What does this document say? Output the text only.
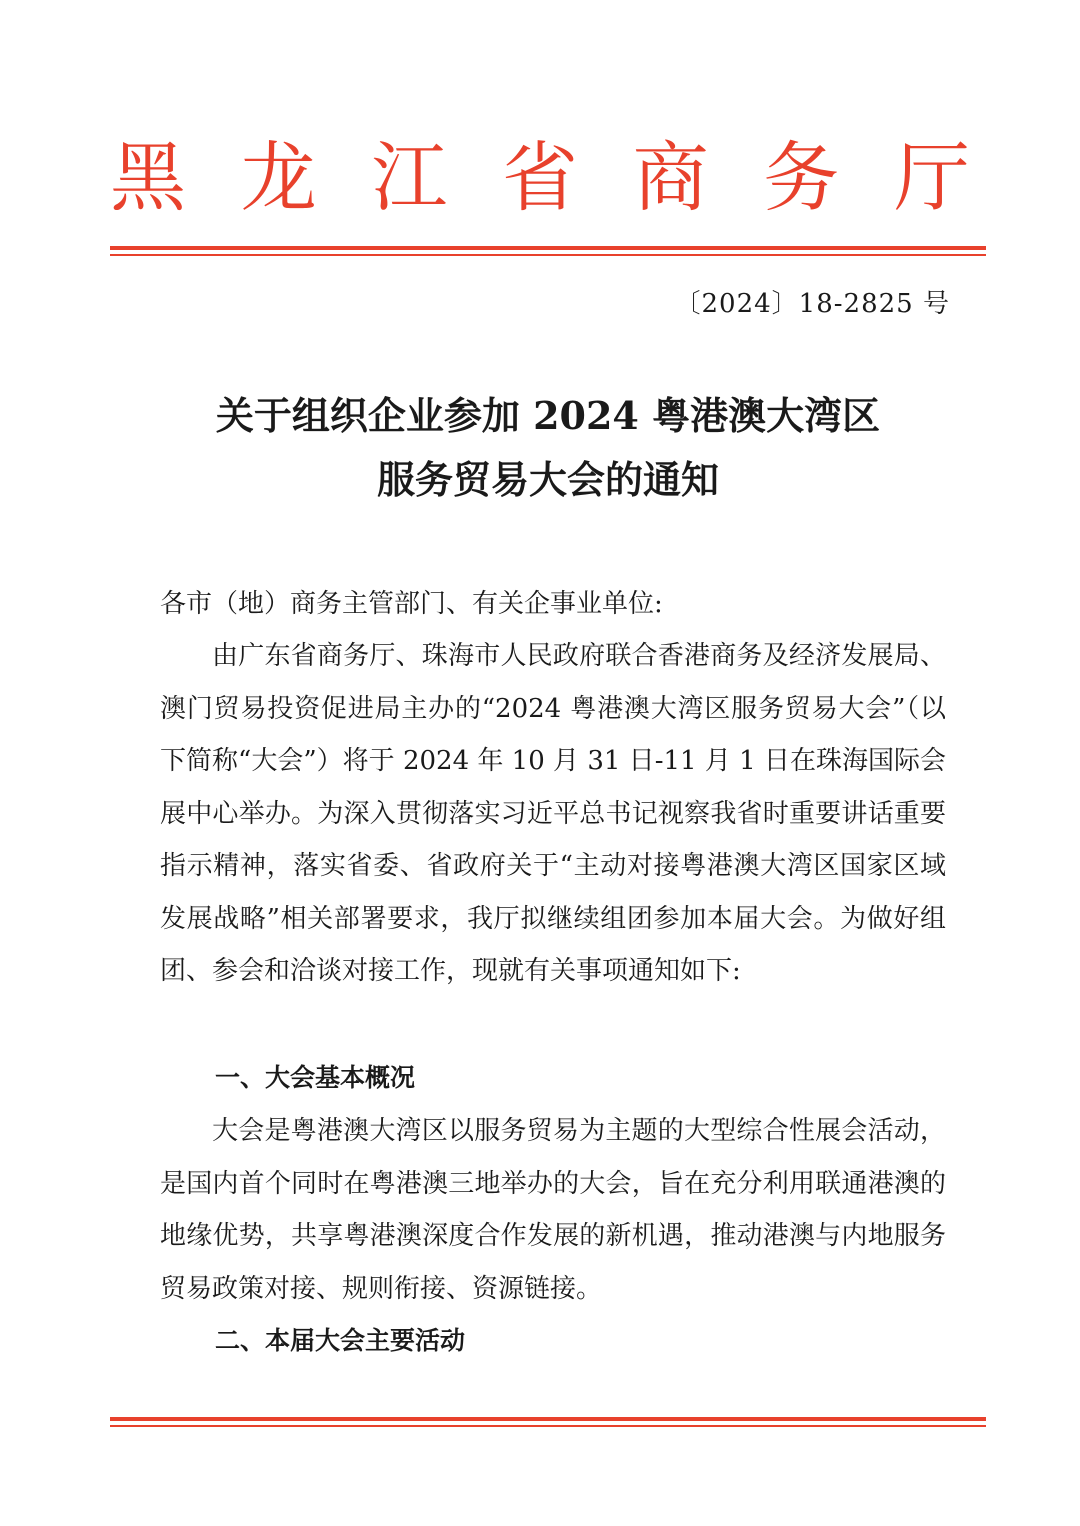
黑 龙 江 省 商 务 厅
〔2024〕18-2825 号
关于组织企业参加 2024 粤港澳大湾区
服务贸易大会的通知
各市（地）商务主管部门、有关企事业单位:
由广东省商务厅、珠海市人民政府联合香港商务及经济发展局、澳门贸易投资促进局主办的“2024 粤港澳大湾区服务贸易大会”（以下简称“大会”）将于 2024 年 10 月 31 日-11 月 1 日在珠海国际会展中心举办。为深入贯彻落实习近平总书记视察我省时重要讲话重要指示精神，落实省委、省政府关于“主动对接粤港澳大湾区国家区域发展战略”相关部署要求，我厅拟继续组团参加本届大会。为做好组团、参会和洽谈对接工作，现就有关事项通知如下:
一、大会基本概况
大会是粤港澳大湾区以服务贸易为主题的大型综合性展会活动，是国内首个同时在粤港澳三地举办的大会，旨在充分利用联通港澳的地缘优势，共享粤港澳深度合作发展的新机遇，推动港澳与内地服务贸易政策对接、规则衔接、资源链接。
二、本届大会主要活动
